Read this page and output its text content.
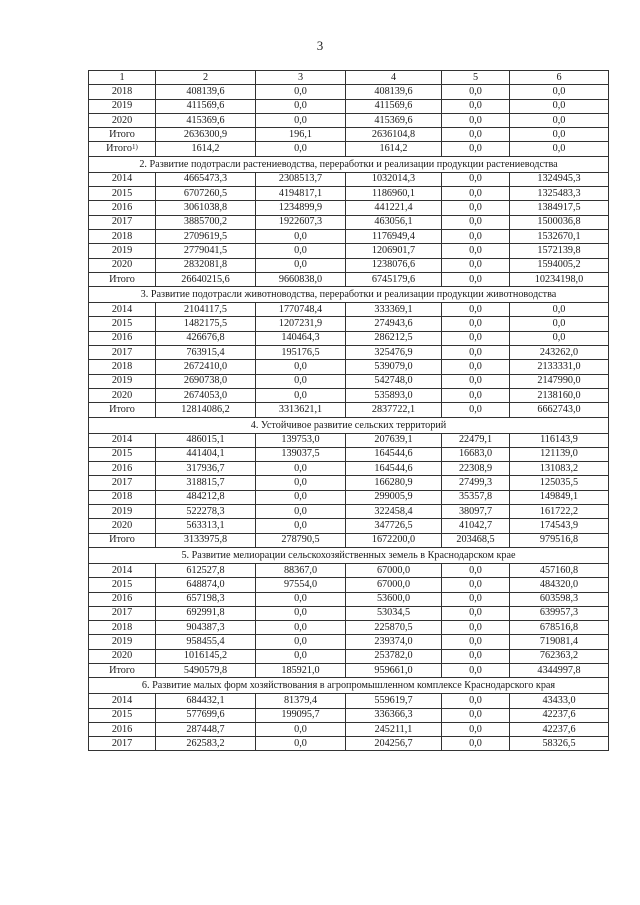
3
1	2	3	4	5	6
2018	408139,6	0,0	408139,6	0,0	0,0
2019	411569,6	0,0	411569,6	0,0	0,0
2020	415369,6	0,0	415369,6	0,0	0,0
Итого	2636300,9	196,1	2636104,8	0,0	0,0
Итого$^{1)}$	1614,2	0,0	1614,2	0,0	0,0
2. Развитие подотрасли растениеводства, переработки и реализации продукции растениеводства					
2014	4665473,3	2308513,7	1032014,3	0,0	1324945,3
2015	6707260,5	4194817,1	1186960,1	0,0	1325483,3
2016	3061038,8	1234899,9	441221,4	0,0	1384917,5
2017	3885700,2	1922607,3	463056,1	0,0	1500036,8
2018	2709619,5	0,0	1176949,4	0,0	1532670,1
2019	2779041,5	0,0	1206901,7	0,0	1572139,8
2020	2832081,8	0,0	1238076,6	0,0	1594005,2
Итого	26640215,6	9660838,0	6745179,6	0,0	10234198,0
3. Развитие подотрасли животноводства, переработки и реализации продукции животноводства					
2014	2104117,5	1770748,4	333369,1	0,0	0,0
2015	1482175,5	1207231,9	274943,6	0,0	0,0
2016	426676,8	140464,3	286212,5	0,0	0,0
2017	763915,4	195176,5	325476,9	0,0	243262,0
2018	2672410,0	0,0	539079,0	0,0	2133331,0
2019	2690738,0	0,0	542748,0	0,0	2147990,0
2020	2674053,0	0,0	535893,0	0,0	2138160,0
Итого	12814086,2	3313621,1	2837722,1	0,0	6662743,0
4. Устойчивое развитие сельских территорий					
2014	486015,1	139753,0	207639,1	22479,1	116143,9
2015	441404,1	139037,5	164544,6	16683,0	121139,0
2016	317936,7	0,0	164544,6	22308,9	131083,2
2017	318815,7	0,0	166280,9	27499,3	125035,5
2018	484212,8	0,0	299005,9	35357,8	149849,1
2019	522278,3	0,0	322458,4	38097,7	161722,2
2020	563313,1	0,0	347726,5	41042,7	174543,9
Итого	3133975,8	278790,5	1672200,0	203468,5	979516,8
5. Развитие мелиорации сельскохозяйственных земель в Краснодарском крае					
2014	612527,8	88367,0	67000,0	0,0	457160,8
2015	648874,0	97554,0	67000,0	0,0	484320,0
2016	657198,3	0,0	53600,0	0,0	603598,3
2017	692991,8	0,0	53034,5	0,0	639957,3
2018	904387,3	0,0	225870,5	0,0	678516,8
2019	958455,4	0,0	239374,0	0,0	719081,4
2020	1016145,2	0,0	253782,0	0,0	762363,2
Итого	5490579,8	185921,0	959661,0	0,0	4344997,8
6. Развитие малых форм хозяйствования в агропромышленном комплексе Краснодарского края					
2014	684432,1	81379,4	559619,7	0,0	43433,0
2015	577699,6	199095,7	336366,3	0,0	42237,6
2016	287448,7	0,0	245211,1	0,0	42237,6
2017	262583,2	0,0	204256,7	0,0	58326,5
